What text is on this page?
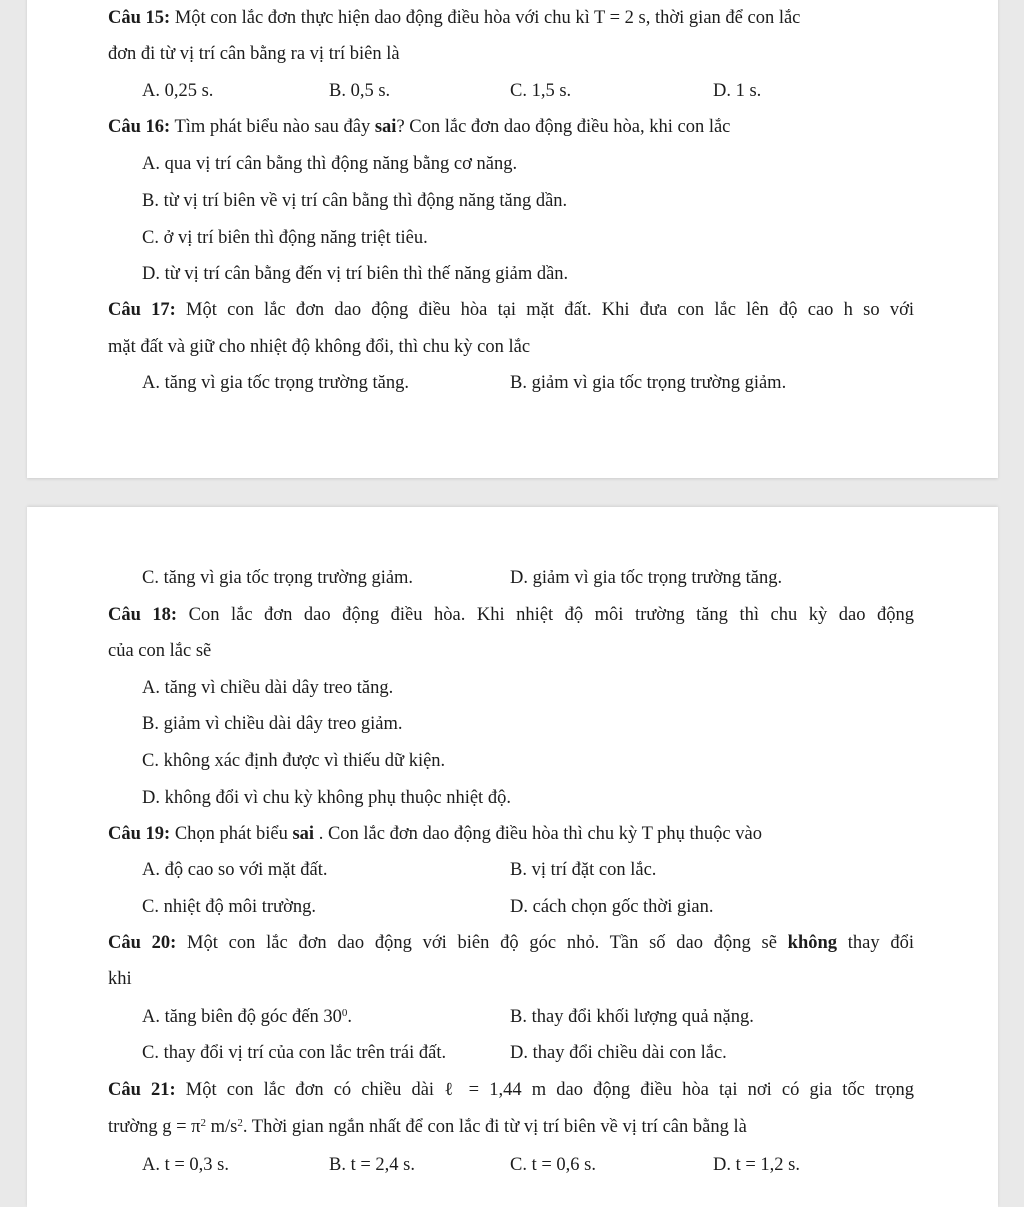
Câu 15: Một con lắc đơn thực hiện dao động điều hòa với chu kì T = 2 s, thời gian để con lắc
đơn đi từ vị trí cân bằng ra vị trí biên là
A. 0,25 s.	B. 0,5 s.	C. 1,5 s.	D. 1 s.
Câu 16: Tìm phát biểu nào sau đây sai? Con lắc đơn dao động điều hòa, khi con lắc
A. qua vị trí cân bằng thì động năng bằng cơ năng.
B. từ vị trí biên về vị trí cân bằng thì động năng tăng dần.
C. ở vị trí biên thì động năng triệt tiêu.
D. từ vị trí cân bằng đến vị trí biên thì thế năng giảm dần.
Câu 17: Một con lắc đơn dao động điều hòa tại mặt đất. Khi đưa con lắc lên độ cao h so với
mặt đất và giữ cho nhiệt độ không đổi, thì chu kỳ con lắc
A. tăng vì gia tốc trọng trường tăng.	B. giảm vì gia tốc trọng trường giảm.
C. tăng vì gia tốc trọng trường giảm.	D. giảm vì gia tốc trọng trường tăng.
Câu 18: Con lắc đơn dao động điều hòa. Khi nhiệt độ môi trường tăng thì chu kỳ dao động
của con lắc sẽ
A. tăng vì chiều dài dây treo tăng.
B. giảm vì chiều dài dây treo giảm.
C. không xác định được vì thiếu dữ kiện.
D. không đổi vì chu kỳ không phụ thuộc nhiệt độ.
Câu 19: Chọn phát biểu sai . Con lắc đơn dao động điều hòa thì chu kỳ T phụ thuộc vào
A. độ cao so với mặt đất.	B. vị trí đặt con lắc.
C. nhiệt độ môi trường.	D. cách chọn gốc thời gian.
Câu 20: Một con lắc đơn dao động với biên độ góc nhỏ. Tần số dao động sẽ không thay đổi
khi
A. tăng biên độ góc đến $30^0$.	B. thay đổi khối lượng quả nặng.
C. thay đổi vị trí của con lắc trên trái đất.	D. thay đổi chiều dài con lắc.
Câu 21: Một con lắc đơn có chiều dài ℓ = 1,44 m dao động điều hòa tại nơi có gia tốc trọng
trường $g = \pi^2$ $m/s^2$. Thời gian ngắn nhất để con lắc đi từ vị trí biên về vị trí cân bằng là
A. t = 0,3 s.	B. t = 2,4 s.	C. t = 0,6 s.	D. t = 1,2 s.
